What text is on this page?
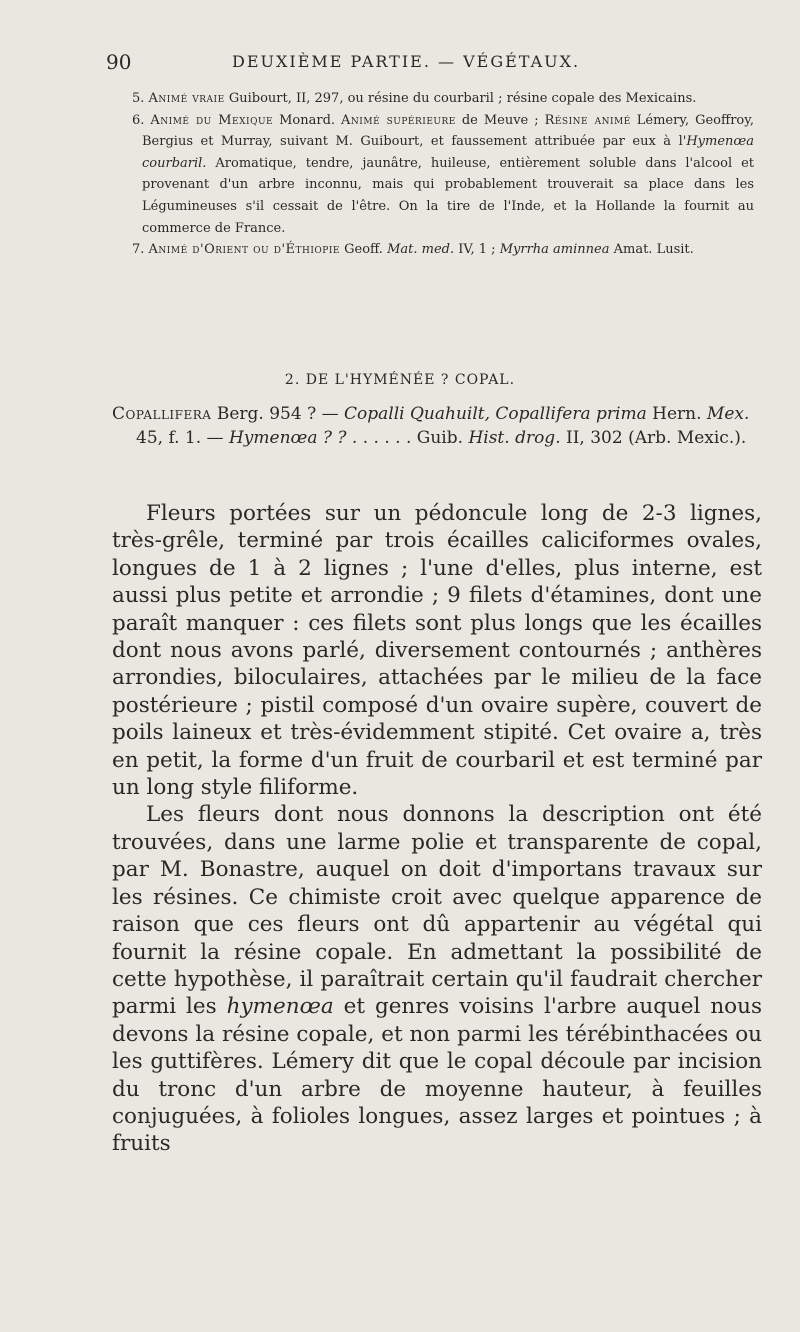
90	DEUXIÈME PARTIE. — VÉGÉTAUX.

5. Animé vraie Guibourt, II, 297, ou résine du courbaril ; résine copale des Mexicains.

6. Animé du Mexique Monard. Animé supérieure de Meuve ; Résine animé Lémery, Geoffroy, Bergius et Murray, suivant M. Guibourt, et faussement attribuée par eux à l'Hymenœa courbaril. Aromatique, tendre, jaunâtre, huileuse, entièrement soluble dans l'alcool et provenant d'un arbre inconnu, mais qui probablement trouverait sa place dans les Légumineuses s'il cessait de l'être. On la tire de l'Inde, et la Hollande la fournit au commerce de France.

7. Animé d'Orient ou d'Éthiopie Geoff. Mat. med. IV, 1 ; Myrrha aminnea Amat. Lusit.

2. DE L'HYMÉNÉE ? COPAL.

Copallifera Berg. 954 ? — Copalli Quahuilt, Copallifera prima Hern. Mex. 45, f. 1. — Hymenœa ? ? . . . . . . Guib. Hist. drog. II, 302 (Arb. Mexic.).

Fleurs portées sur un pédoncule long de 2-3 lignes, très-grêle, terminé par trois écailles caliciformes ovales, longues de 1 à 2 lignes ; l'une d'elles, plus interne, est aussi plus petite et arrondie ; 9 filets d'étamines, dont une paraît manquer : ces filets sont plus longs que les écailles dont nous avons parlé, diversement contournés ; anthères arrondies, biloculaires, attachées par le milieu de la face postérieure ; pistil composé d'un ovaire supère, couvert de poils laineux et très-évidemment stipité. Cet ovaire a, très en petit, la forme d'un fruit de courbaril et est terminé par un long style filiforme.

Les fleurs dont nous donnons la description ont été trouvées, dans une larme polie et transparente de copal, par M. Bonastre, auquel on doit d'importans travaux sur les résines. Ce chimiste croit avec quelque apparence de raison que ces fleurs ont dû appartenir au végétal qui fournit la résine copale. En admettant la possibilité de cette hypothèse, il paraîtrait certain qu'il faudrait chercher parmi les hymenœa et genres voisins l'arbre auquel nous devons la résine copale, et non parmi les térébinthacées ou les guttifères. Lémery dit que le copal découle par incision du tronc d'un arbre de moyenne hauteur, à feuilles conjuguées, à folioles longues, assez larges et pointues ; à fruits
